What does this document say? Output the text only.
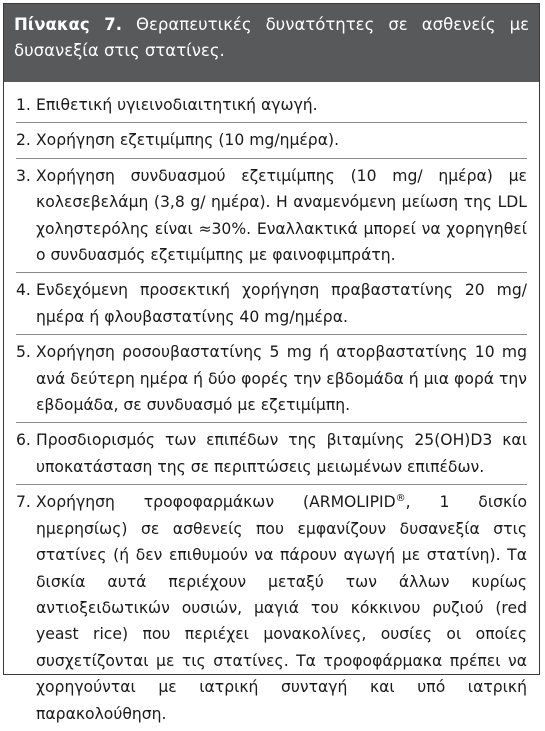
Πίνακας 7. Θεραπευτικές δυνατότητες σε ασθενείς με δυσανεξία στις στατίνες.
1. Επιθετική υγιεινοδιαιτητική αγωγή.
2. Χορήγηση εζετιμίμπης (10 mg/ημέρα).
3. Χορήγηση συνδυασμού εζετιμίμπης (10 mg/ ημέρα) με κολεσεβελάμη (3,8 g/ ημέρα). Η αναμενόμενη μείωση της LDL χοληστερόλης είναι ≈30%. Εναλλακτικά μπορεί να χορηγηθεί ο συνδυασμός εζετιμίμπης με φαινοφιμπράτη.
4. Ενδεχόμενη προσεκτική χορήγηση πραβαστατίνης 20 mg/ημέρα ή φλουβαστατίνης 40 mg/ημέρα.
5. Χορήγηση ροσουβαστατίνης 5 mg ή ατορβαστατίνης 10 mg ανά δεύτερη ημέρα ή δύο φορές την εβδομάδα ή μια φορά την εβδομάδα, σε συνδυασμό με εζετιμίμπη.
6. Προσδιορισμός των επιπέδων της βιταμίνης 25(OH)D3 και υποκατάσταση της σε περιπτώσεις μειωμένων επιπέδων.
7. Χορήγηση τροφοφαρμάκων (ARMOLIPID®, 1 δισκίο ημερησίως) σε ασθενείς που εμφανίζουν δυσανεξία στις στατίνες (ή δεν επιθυμούν να πάρουν αγωγή με στατίνη). Τα δισκία αυτά περιέχουν μεταξύ των άλλων κυρίως αντιοξειδωτικών ουσιών, μαγιά του κόκκινου ρυζιού (red yeast rice) που περιέχει μονακολίνες, ουσίες οι οποίες συσχετίζονται με τις στατίνες. Τα τροφοφάρμακα πρέπει να χορηγούνται με ιατρική συνταγή και υπό ιατρική παρακολούθηση.
